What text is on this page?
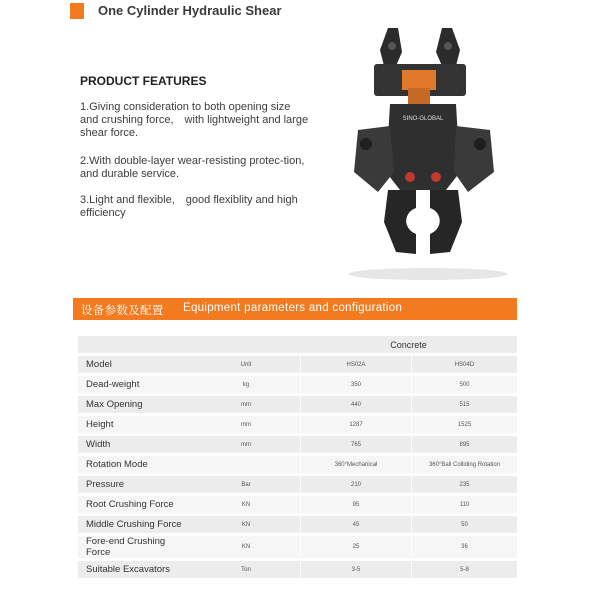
One Cylinder Hydraulic Shear
PRODUCT FEATURES
1.Giving consideration to both opening size and crushing force,　with lightweight and large shear force.
2.With double-layer wear-resisting protec-tion,　and durable service.
3.Light and flexible,　good flexiblity and high efficiency
SINO-GLOBAL
设备参数及配置 Equipment parameters and configuration
		Concrete	
Model	Unit	HS02A	HS04D
Dead-weight	kg	350	500
Max Opening	mm	440	515
Height	mm	1287	1525
Width	mm	765	895
Rotation Mode		360°Mechanical	360°Ball Colliding Rotation
Pressure	Bar	210	235
Root Crushing Force	KN	95	110
Middle Crushing Force	KN	45	50
Fore-end Crushing Force	KN	25	36
Suitable Excavators	Ton	3-5	5-8
